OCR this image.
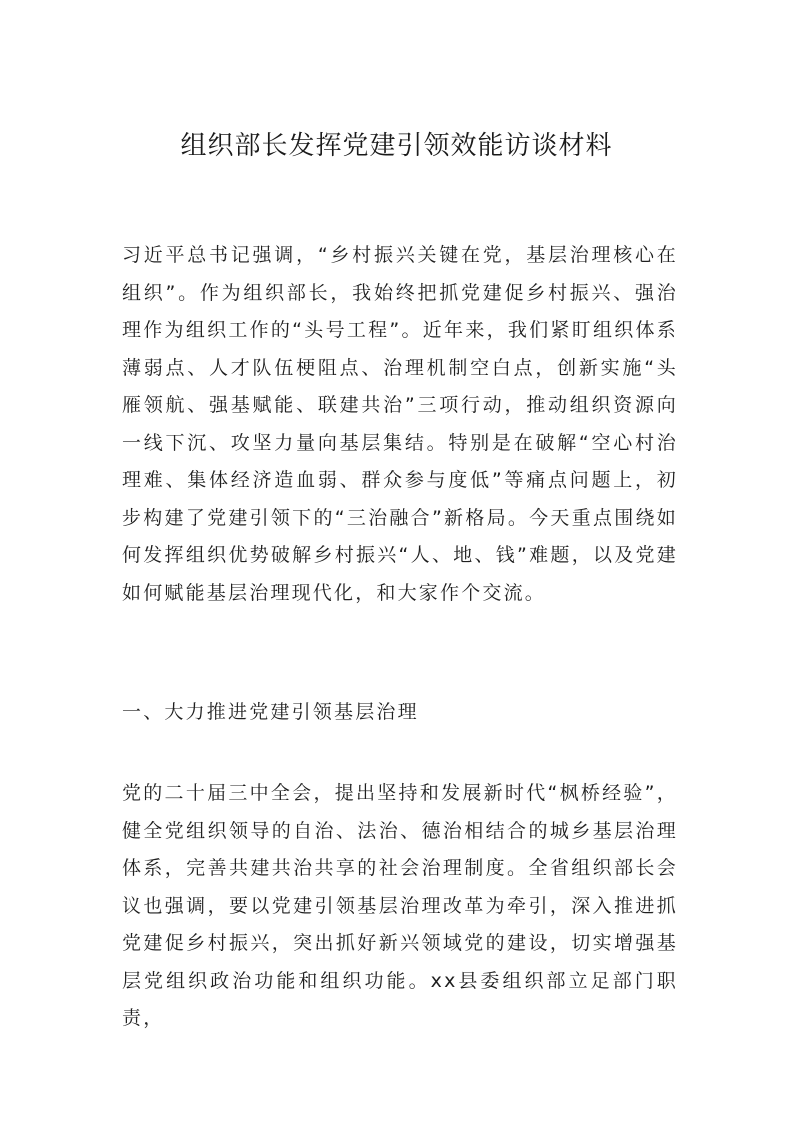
组织部长发挥党建引领效能访谈材料

习近平总书记强调，“乡村振兴关键在党，基层治理核心在组织”。作为组织部长，我始终把抓党建促乡村振兴、强治理作为组织工作的“头号工程”。近年来，我们紧盯组织体系薄弱点、人才队伍梗阻点、治理机制空白点，创新实施“头雁领航、强基赋能、联建共治”三项行动，推动组织资源向一线下沉、攻坚力量向基层集结。特别是在破解“空心村治理难、集体经济造血弱、群众参与度低”等痛点问题上，初步构建了党建引领下的“三治融合”新格局。今天重点围绕如何发挥组织优势破解乡村振兴“人、地、钱”难题，以及党建如何赋能基层治理现代化，和大家作个交流。

一、大力推进党建引领基层治理

党的二十届三中全会，提出坚持和发展新时代“枫桥经验”，健全党组织领导的自治、法治、德治相结合的城乡基层治理体系，完善共建共治共享的社会治理制度。全省组织部长会议也强调，要以党建引领基层治理改革为牵引，深入推进抓党建促乡村振兴，突出抓好新兴领域党的建设，切实增强基层党组织政治功能和组织功能。xx县委组织部立足部门职责，
